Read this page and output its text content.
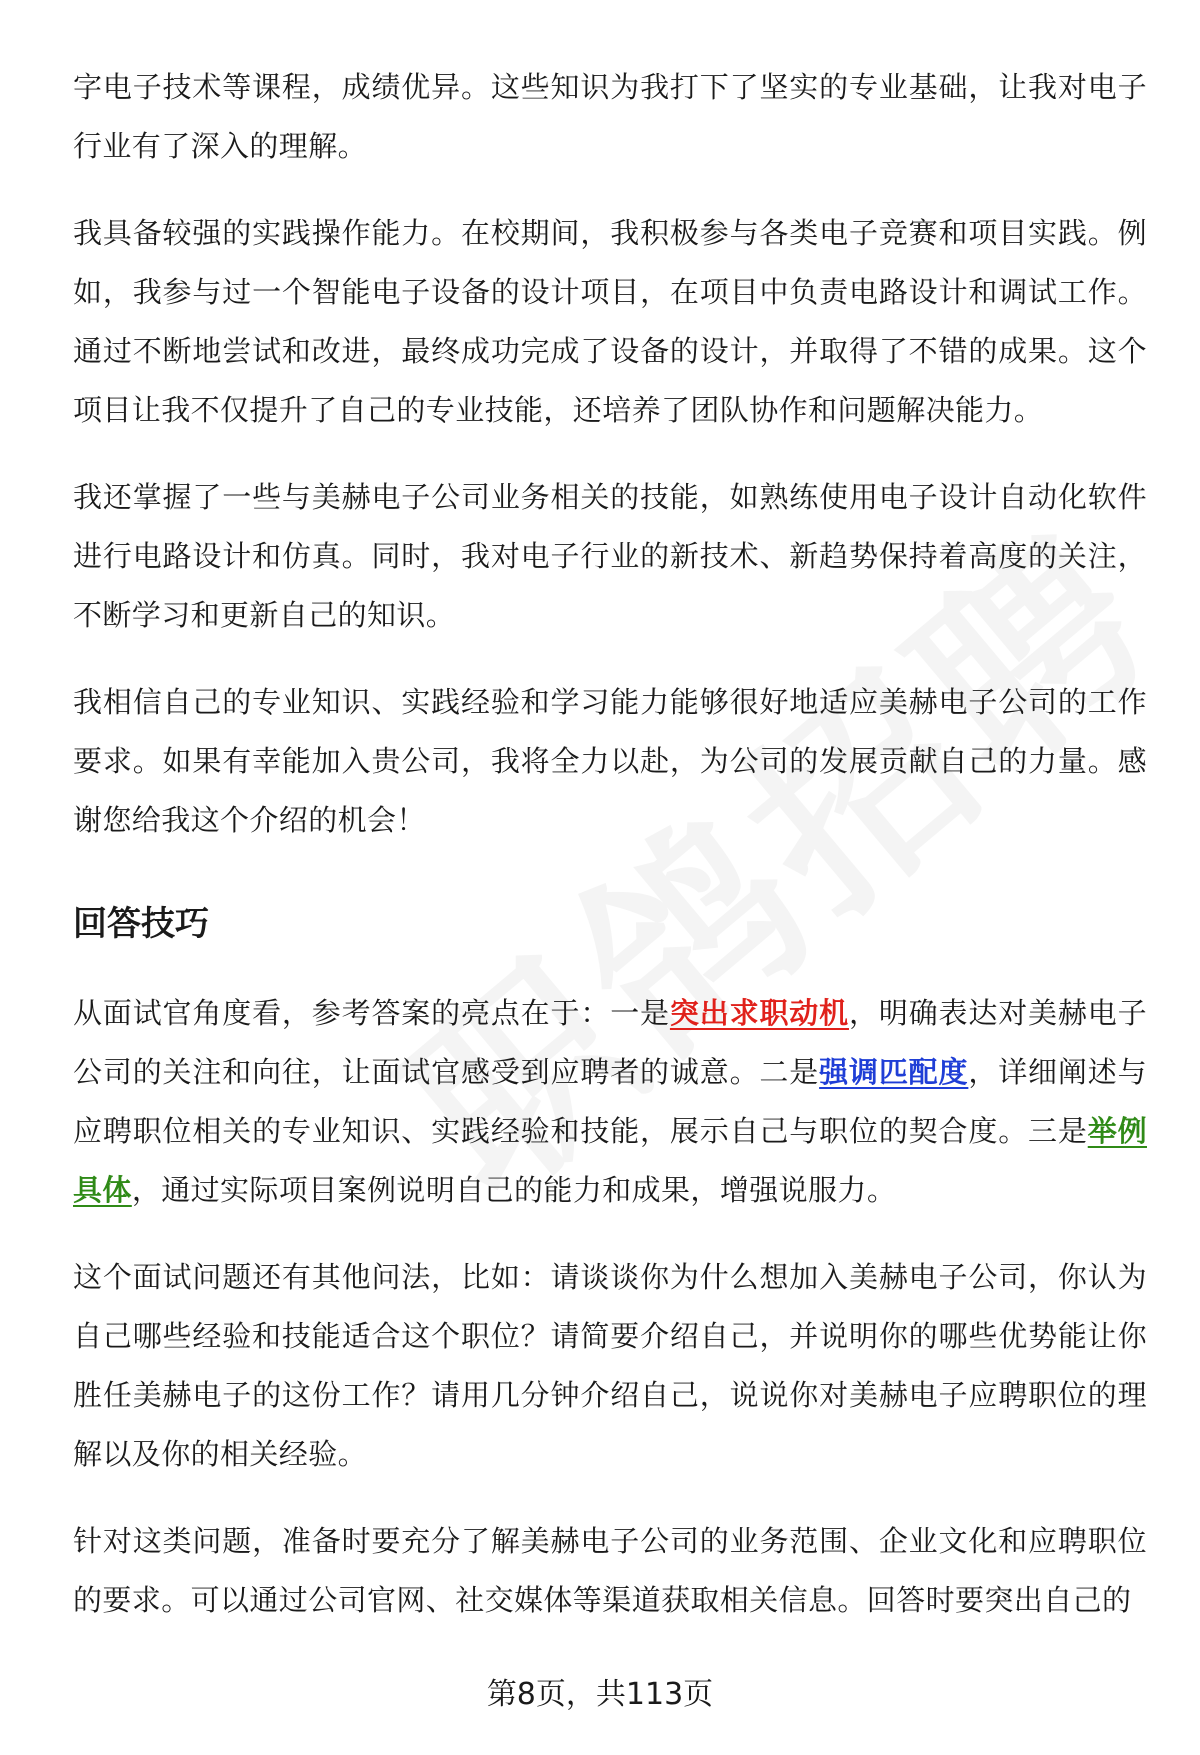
字电子技术等课程，成绩优异。这些知识为我打下了坚实的专业基础，让我对电子行业有了深入的理解。

我具备较强的实践操作能力。在校期间，我积极参与各类电子竞赛和项目实践。例如，我参与过一个智能电子设备的设计项目，在项目中负责电路设计和调试工作。通过不断地尝试和改进，最终成功完成了设备的设计，并取得了不错的成果。这个项目让我不仅提升了自己的专业技能，还培养了团队协作和问题解决能力。

我还掌握了一些与美赫电子公司业务相关的技能，如熟练使用电子设计自动化软件进行电路设计和仿真。同时，我对电子行业的新技术、新趋势保持着高度的关注，不断学习和更新自己的知识。

我相信自己的专业知识、实践经验和学习能力能够很好地适应美赫电子公司的工作要求。如果有幸能加入贵公司，我将全力以赴，为公司的发展贡献自己的力量。感谢您给我这个介绍的机会！

回答技巧

从面试官角度看，参考答案的亮点在于：一是突出求职动机，明确表达对美赫电子公司的关注和向往，让面试官感受到应聘者的诚意。二是强调匹配度，详细阐述与应聘职位相关的专业知识、实践经验和技能，展示自己与职位的契合度。三是举例具体，通过实际项目案例说明自己的能力和成果，增强说服力。

这个面试问题还有其他问法，比如：请谈谈你为什么想加入美赫电子公司，你认为自己哪些经验和技能适合这个职位？请简要介绍自己，并说明你的哪些优势能让你胜任美赫电子的这份工作？请用几分钟介绍自己，说说你对美赫电子应聘职位的理解以及你的相关经验。

针对这类问题，准备时要充分了解美赫电子公司的业务范围、企业文化和应聘职位的要求。可以通过公司官网、社交媒体等渠道获取相关信息。回答时要突出自己的

第8页，共113页
